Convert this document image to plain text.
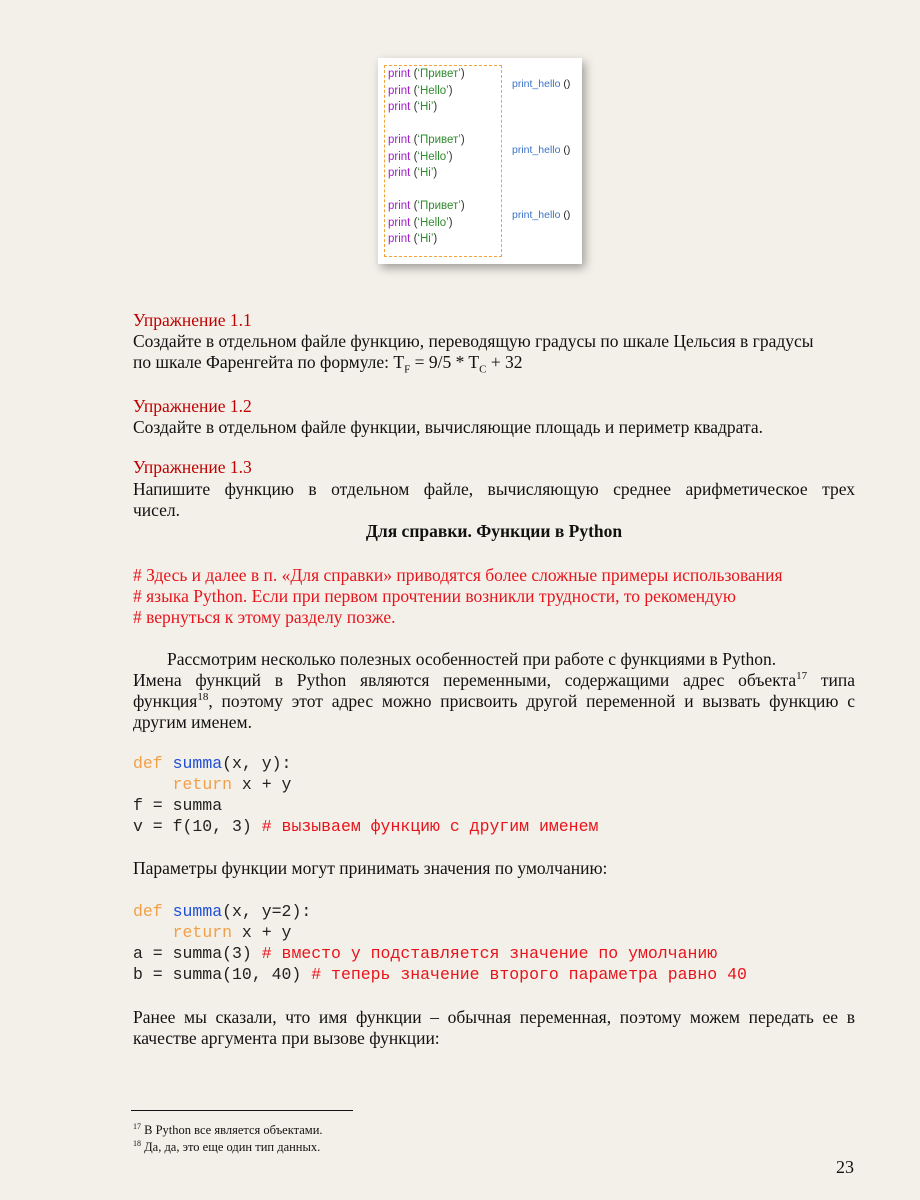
print (‘Привет’)
print (‘Hello’)
print (‘Hi’)
print_hello ()
print (‘Привет’)
print (‘Hello’)
print (‘Hi’)
print_hello ()
print (‘Привет’)
print (‘Hello’)
print (‘Hi’)
print_hello ()
Упражнение 1.1
Создайте в отдельном файле функцию, переводящую градусы по шкале Цельсия в градусы
по шкале Фаренгейта по формуле: $T_F = 9/5 * T_C + 32$
Упражнение 1.2
Создайте в отдельном файле функции, вычисляющие площадь и периметр квадрата.
Упражнение 1.3
Напишите функцию в отдельном файле, вычисляющую среднее арифметическое трех
чисел.
Для справки. Функции в Python
# Здесь и далее в п. «Для справки» приводятся более сложные примеры использования
# языка Python. Если при первом прочтении возникли трудности, то рекомендую
# вернуться к этому разделу позже.
Рассмотрим несколько полезных особенностей при работе с функциями в Python.
Имена функций в Python являются переменными, содержащими адрес объекта$^{17}$ типа
функция$^{18}$, поэтому этот адрес можно присвоить другой переменной и вызвать функцию с
другим именем.
def summa(x, y):
return x + y
f = summa
v = f(10, 3) # вызываем функцию с другим именем
Параметры функции могут принимать значения по умолчанию:
def summa(x, y=2):
return x + y
a = summa(3) # вместо y подставляется значение по умолчанию
b = summa(10, 40) # теперь значение второго параметра равно 40
Ранее мы сказали, что имя функции – обычная переменная, поэтому можем передать ее в
качестве аргумента при вызове функции:
$^{17}$ В Python все является объектами.
$^{18}$ Да, да, это еще один тип данных.
23
